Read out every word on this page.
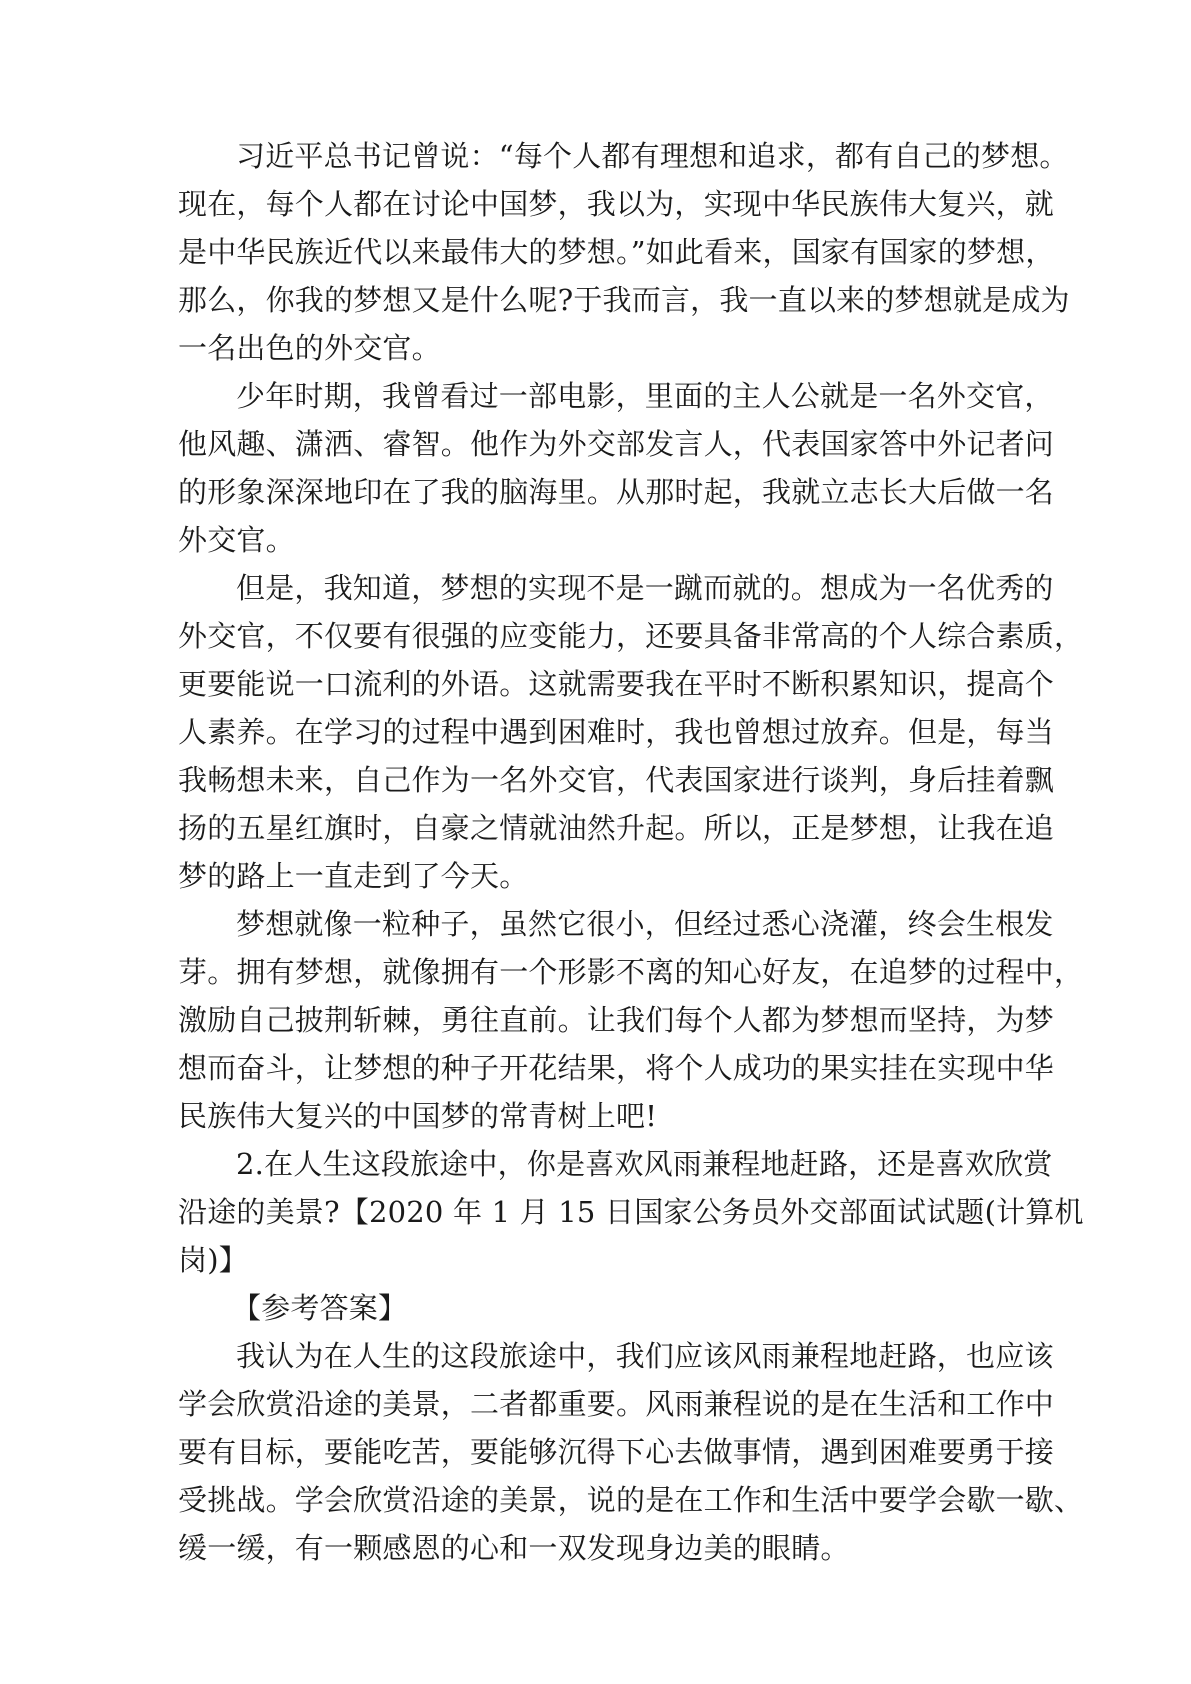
习近平总书记曾说：“每个人都有理想和追求，都有自己的梦想。
现在，每个人都在讨论中国梦，我以为，实现中华民族伟大复兴，就
是中华民族近代以来最伟大的梦想。”如此看来，国家有国家的梦想，
那么，你我的梦想又是什么呢?于我而言，我一直以来的梦想就是成为
一名出色的外交官。
少年时期，我曾看过一部电影，里面的主人公就是一名外交官，
他风趣、潇洒、睿智。他作为外交部发言人，代表国家答中外记者问
的形象深深地印在了我的脑海里。从那时起，我就立志长大后做一名
外交官。
但是，我知道，梦想的实现不是一蹴而就的。想成为一名优秀的
外交官，不仅要有很强的应变能力，还要具备非常高的个人综合素质，
更要能说一口流利的外语。这就需要我在平时不断积累知识，提高个
人素养。在学习的过程中遇到困难时，我也曾想过放弃。但是，每当
我畅想未来，自己作为一名外交官，代表国家进行谈判，身后挂着飘
扬的五星红旗时，自豪之情就油然升起。所以，正是梦想，让我在追
梦的路上一直走到了今天。
梦想就像一粒种子，虽然它很小，但经过悉心浇灌，终会生根发
芽。拥有梦想，就像拥有一个形影不离的知心好友，在追梦的过程中，
激励自己披荆斩棘，勇往直前。让我们每个人都为梦想而坚持，为梦
想而奋斗，让梦想的种子开花结果，将个人成功的果实挂在实现中华
民族伟大复兴的中国梦的常青树上吧!
2.在人生这段旅途中，你是喜欢风雨兼程地赶路，还是喜欢欣赏
沿途的美景?【2020 年 1 月 15 日国家公务员外交部面试试题(计算机
岗)】
【参考答案】
我认为在人生的这段旅途中，我们应该风雨兼程地赶路，也应该
学会欣赏沿途的美景，二者都重要。风雨兼程说的是在生活和工作中
要有目标，要能吃苦，要能够沉得下心去做事情，遇到困难要勇于接
受挑战。学会欣赏沿途的美景，说的是在工作和生活中要学会歇一歇、
缓一缓，有一颗感恩的心和一双发现身边美的眼睛。
